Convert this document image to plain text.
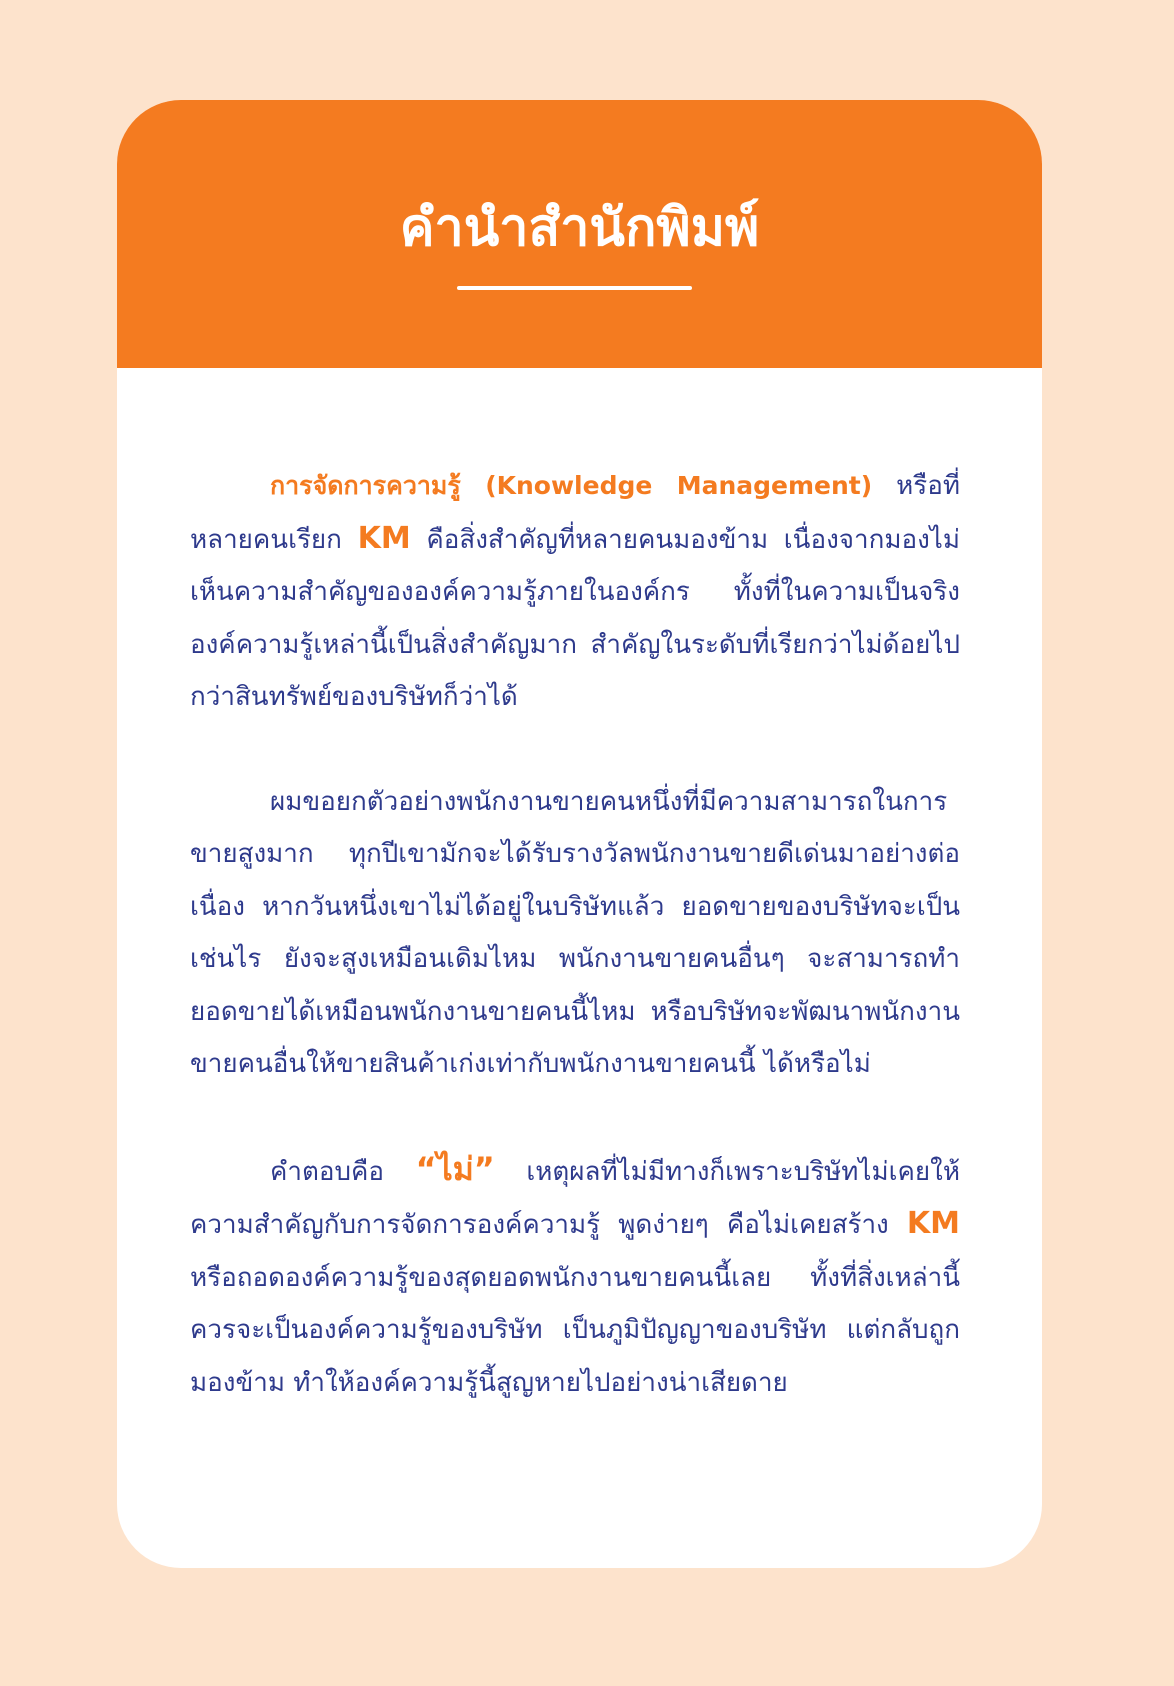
คำนำสำนักพิมพ์

การจัดการความรู้ (Knowledge Management) หรือที่หลายคนเรียก KM คือสิ่งสำคัญที่หลายคนมองข้าม เนื่องจากมองไม่เห็นความสำคัญขององค์ความรู้ภายในองค์กร ทั้งที่ในความเป็นจริงองค์ความรู้เหล่านี้เป็นสิ่งสำคัญมาก สำคัญในระดับที่เรียกว่าไม่ด้อยไปกว่าสินทรัพย์ของบริษัทก็ว่าได้

ผมขอยกตัวอย่างพนักงานขายคนหนึ่งที่มีความสามารถในการขายสูงมาก ทุกปีเขามักจะได้รับรางวัลพนักงานขายดีเด่นมาอย่างต่อเนื่อง หากวันหนึ่งเขาไม่ได้อยู่ในบริษัทแล้ว ยอดขายของบริษัทจะเป็นเช่นไร ยังจะสูงเหมือนเดิมไหม พนักงานขายคนอื่นๆ จะสามารถทำยอดขายได้เหมือนพนักงานขายคนนี้ไหม หรือบริษัทจะพัฒนาพนักงานขายคนอื่นให้ขายสินค้าเก่งเท่ากับพนักงานขายคนนี้ ได้หรือไม่

คำตอบคือ “ไม่” เหตุผลที่ไม่มีทางก็เพราะบริษัทไม่เคยให้ความสำคัญกับการจัดการองค์ความรู้ พูดง่ายๆ คือไม่เคยสร้าง KM หรือถอดองค์ความรู้ของสุดยอดพนักงานขายคนนี้เลย ทั้งที่สิ่งเหล่านี้ควรจะเป็นองค์ความรู้ของบริษัท เป็นภูมิปัญญาของบริษัท แต่กลับถูกมองข้าม ทำให้องค์ความรู้นี้สูญหายไปอย่างน่าเสียดาย
